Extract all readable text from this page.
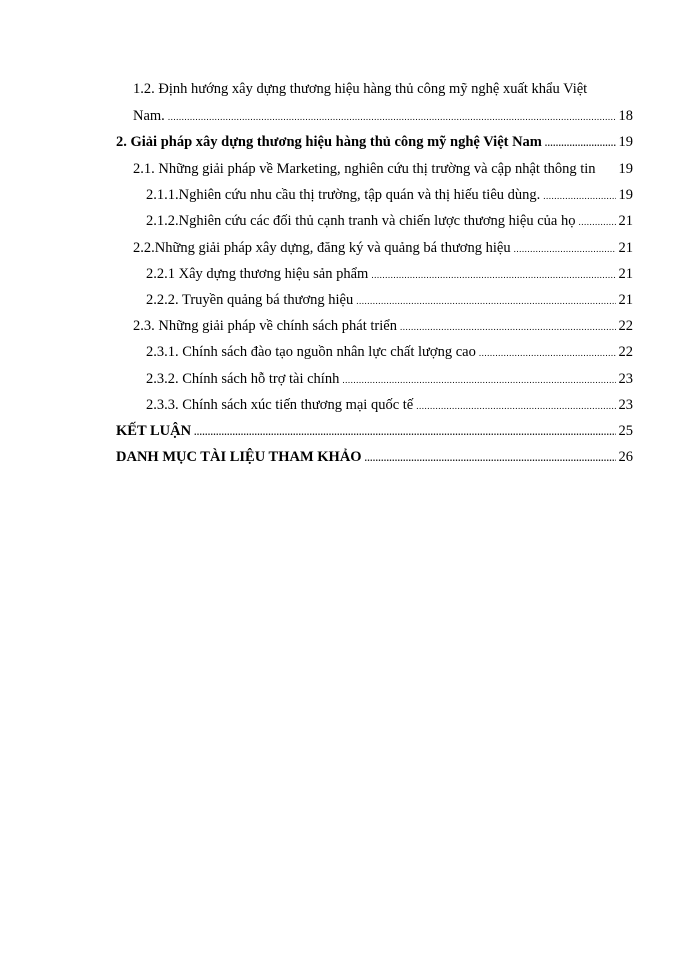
1.2. Định hướng xây dựng thương hiệu hàng thủ công mỹ nghệ xuất khẩu Việt
Nam. .....	18
2. Giải pháp xây dựng thương hiệu hàng thủ công mỹ nghệ Việt Nam .....	19
2.1. Những giải pháp về Marketing, nghiên cứu thị trường và cập nhật thông tin 19
2.1.1.Nghiên cứu nhu cầu thị trường, tập quán và thị hiếu tiêu dùng. .....	19
2.1.2.Nghiên cứu các đối thủ cạnh tranh và chiến lược thương hiệu của họ .....	21
2.2.Những giải pháp xây dựng, đăng ký và quảng bá thương hiệu .....	21
2.2.1 Xây dựng thương hiệu sản phẩm .....	21
2.2.2. Truyền quảng bá thương hiệu .....	21
2.3. Những giải pháp về chính sách phát triển .....	22
2.3.1. Chính sách đào tạo nguồn nhân lực chất lượng cao .....	22
2.3.2. Chính sách hỗ trợ tài chính .....	23
2.3.3. Chính sách xúc tiến thương mại quốc tế .....	23
KẾT LUẬN .....	25
DANH MỤC TÀI LIỆU THAM KHẢO .....	26
